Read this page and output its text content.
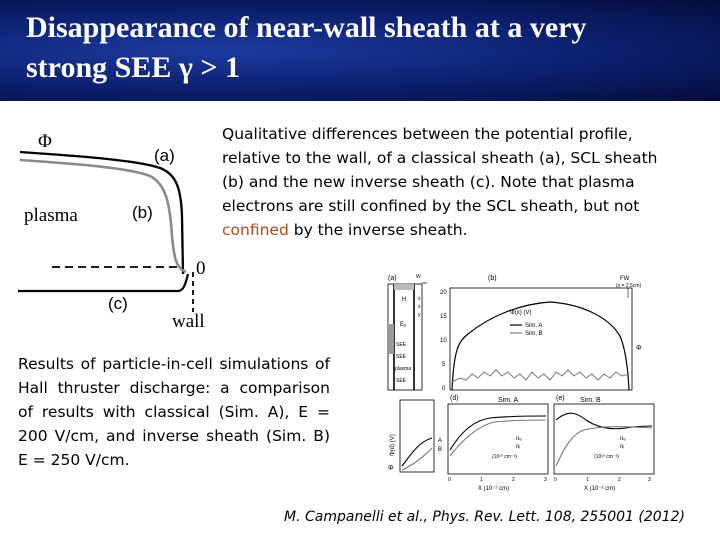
Disappearance of near-wall sheath at a very
strong SEE γ > 1
Φ
0
wall
plasma
(a)
(b)
(c)

Qualitative differences between the potential profile, relative to the wall, of a classical sheath (a), SCL sheath (b) and the new inverse sheath (c). Note that plasma electrons are still confined by the SCL sheath, but not confined by the inverse sheath.

(a)
H
Eᵧ
SEE
SEE
plasma
SEE
x
y
z
W
zw
(b)	FW
(x = 2.5cm)
20
15
10
5
0
Φ(x) (V)
Sim. A
Sim. B
Φ
Φ(d) (V)
Φ
A
B
(d)	Sim. A
nₑ
nᵢ
(10¹⁰ cm⁻³)
0	1	2	3
X (10⁻² cm)
(e) Sim. B
nₑ
nᵢ
(10¹⁰ cm⁻³)
0	1	2	3
X (10⁻² cm)

Results of particle-in-cell simulations of Hall thruster discharge: a comparison of results with classical (Sim. A), E = 200 V/cm, and inverse sheath (Sim. B) E = 250 V/cm.

M. Campanelli et al., Phys. Rev. Lett. 108, 255001 (2012)
